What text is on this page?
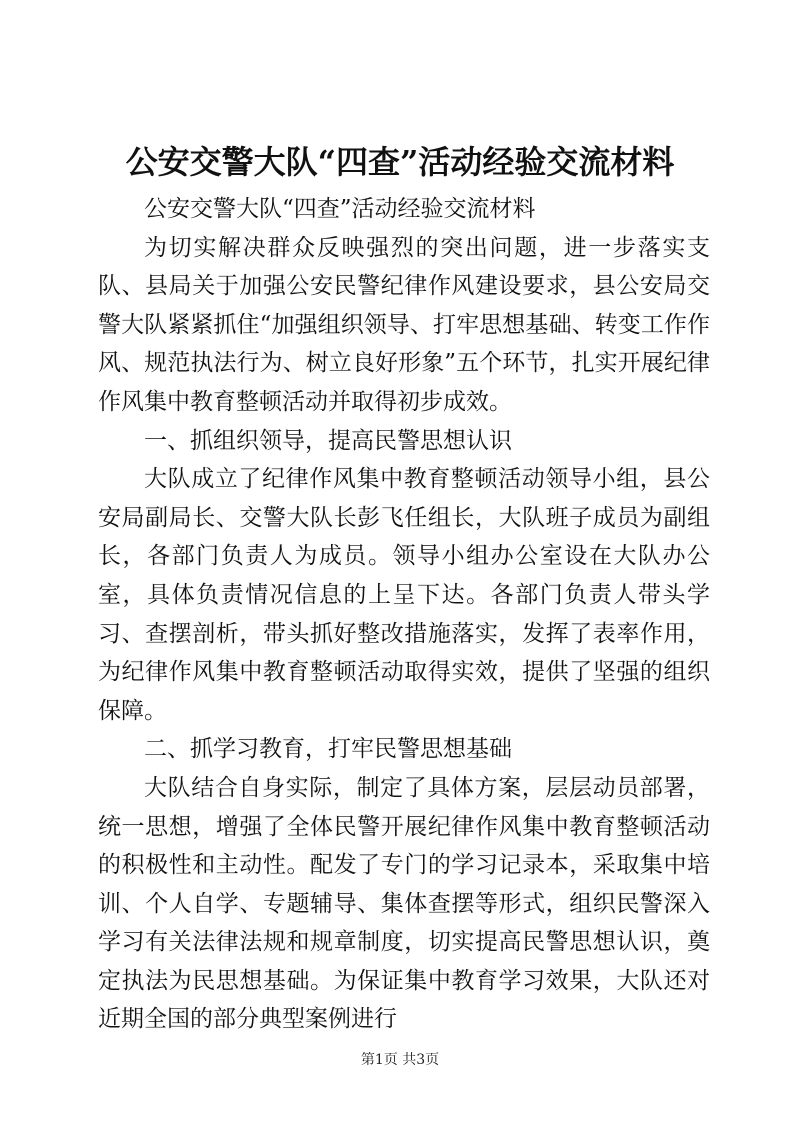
公安交警大队“四查”活动经验交流材料

公安交警大队“四查”活动经验交流材料

为切实解决群众反映强烈的突出问题，进一步落实支队、县局关于加强公安民警纪律作风建设要求，县公安局交警大队紧紧抓住“加强组织领导、打牢思想基础、转变工作作风、规范执法行为、树立良好形象”五个环节，扎实开展纪律作风集中教育整顿活动并取得初步成效。

一、抓组织领导，提高民警思想认识

大队成立了纪律作风集中教育整顿活动领导小组，县公安局副局长、交警大队长彭飞任组长，大队班子成员为副组长，各部门负责人为成员。领导小组办公室设在大队办公室，具体负责情况信息的上呈下达。各部门负责人带头学习、查摆剖析，带头抓好整改措施落实，发挥了表率作用，为纪律作风集中教育整顿活动取得实效，提供了坚强的组织保障。

二、抓学习教育，打牢民警思想基础

大队结合自身实际，制定了具体方案，层层动员部署，统一思想，增强了全体民警开展纪律作风集中教育整顿活动的积极性和主动性。配发了专门的学习记录本，采取集中培训、个人自学、专题辅导、集体查摆等形式，组织民警深入学习有关法律法规和规章制度，切实提高民警思想认识，奠定执法为民思想基础。为保证集中教育学习效果，大队还对近期全国的部分典型案例进行

第1页 共3页
